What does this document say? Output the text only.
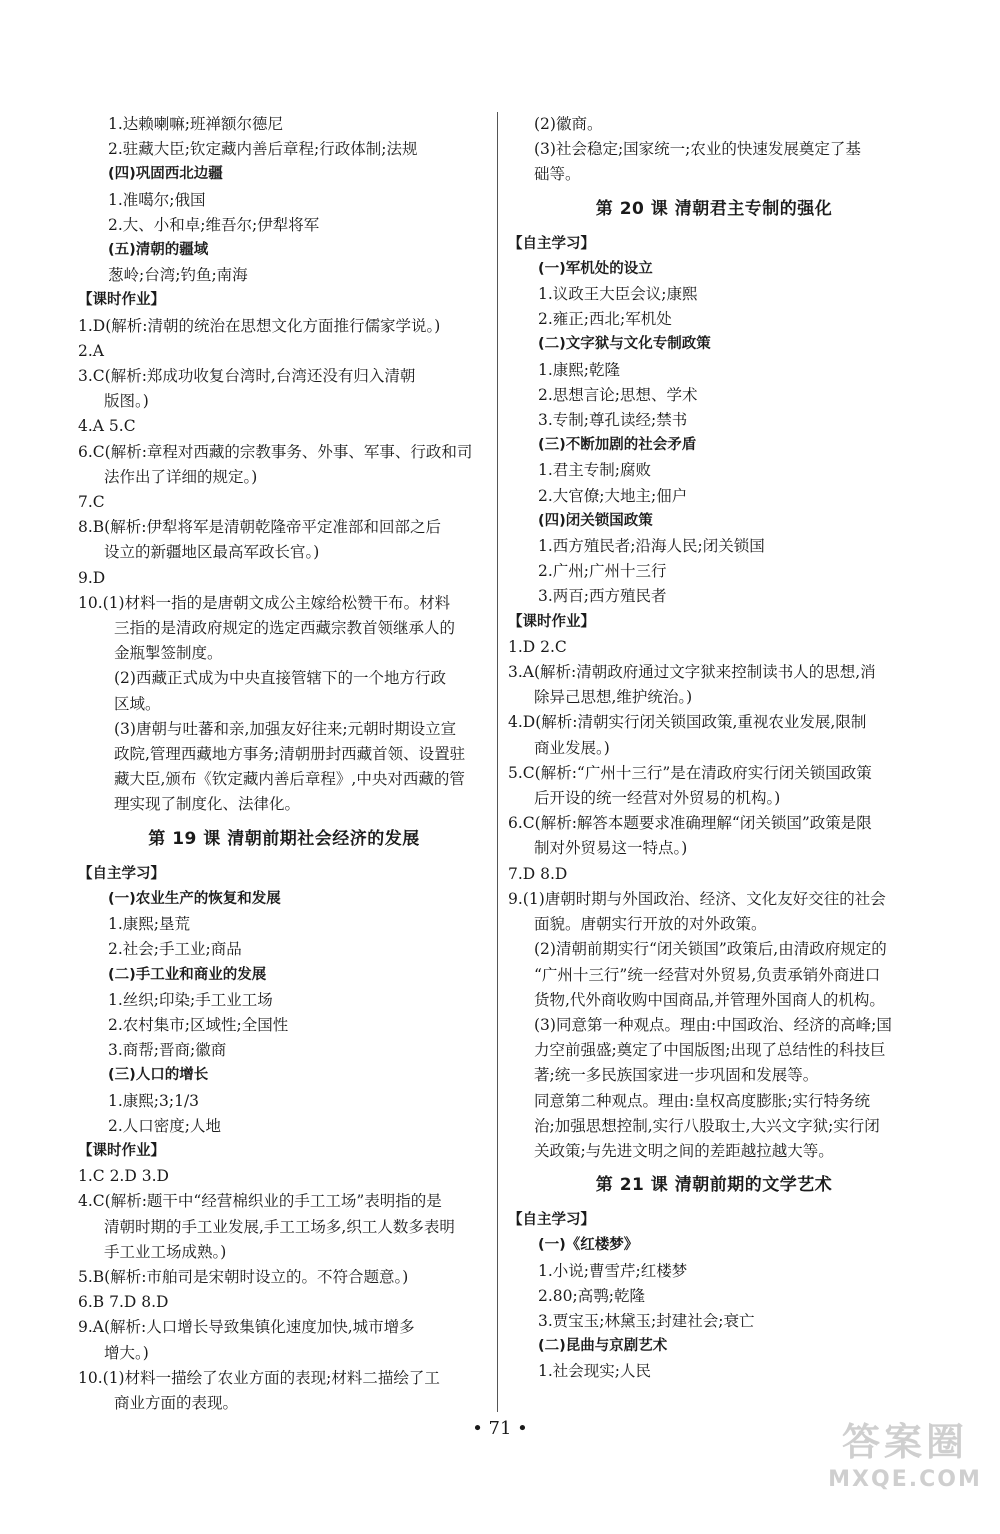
1.达赖喇嘛;班禅额尔德尼
2.驻藏大臣;钦定藏内善后章程;行政体制;法规
(四)巩固西北边疆
1.准噶尔;俄国
2.大、小和卓;维吾尔;伊犁将军
(五)清朝的疆域
葱岭;台湾;钓鱼;南海
【课时作业】
1.D(解析:清朝的统治在思想文化方面推行儒家学说。)
2.A
3.C(解析:郑成功收复台湾时,台湾还没有归入清朝
版图。)
4.A 5.C
6.C(解析:章程对西藏的宗教事务、外事、军事、行政和司
法作出了详细的规定。)
7.C
8.B(解析:伊犁将军是清朝乾隆帝平定准部和回部之后
设立的新疆地区最高军政长官。)
9.D
10.(1)材料一指的是唐朝文成公主嫁给松赞干布。材料
三指的是清政府规定的选定西藏宗教首领继承人的
金瓶掣签制度。
(2)西藏正式成为中央直接管辖下的一个地方行政
区域。
(3)唐朝与吐蕃和亲,加强友好往来;元朝时期设立宣
政院,管理西藏地方事务;清朝册封西藏首领、设置驻
藏大臣,颁布《钦定藏内善后章程》,中央对西藏的管
理实现了制度化、法律化。
第 19 课 清朝前期社会经济的发展
【自主学习】
(一)农业生产的恢复和发展
1.康熙;垦荒
2.社会;手工业;商品
(二)手工业和商业的发展
1.丝织;印染;手工业工场
2.农村集市;区域性;全国性
3.商帮;晋商;徽商
(三)人口的增长
1.康熙;3;1/3
2.人口密度;人地
【课时作业】
1.C 2.D 3.D
4.C(解析:题干中“经营棉织业的手工工场”表明指的是
清朝时期的手工业发展,手工工场多,织工人数多表明
手工业工场成熟。)
5.B(解析:市舶司是宋朝时设立的。不符合题意。)
6.B 7.D 8.D
9.A(解析:人口增长导致集镇化速度加快,城市增多
增大。)
10.(1)材料一描绘了农业方面的表现;材料二描绘了工
商业方面的表现。
(2)徽商。
(3)社会稳定;国家统一;农业的快速发展奠定了基
础等。
第 20 课 清朝君主专制的强化
【自主学习】
(一)军机处的设立
1.议政王大臣会议;康熙
2.雍正;西北;军机处
(二)文字狱与文化专制政策
1.康熙;乾隆
2.思想言论;思想、学术
3.专制;尊孔读经;禁书
(三)不断加剧的社会矛盾
1.君主专制;腐败
2.大官僚;大地主;佃户
(四)闭关锁国政策
1.西方殖民者;沿海人民;闭关锁国
2.广州;广州十三行
3.两百;西方殖民者
【课时作业】
1.D 2.C
3.A(解析:清朝政府通过文字狱来控制读书人的思想,消
除异己思想,维护统治。)
4.D(解析:清朝实行闭关锁国政策,重视农业发展,限制
商业发展。)
5.C(解析:“广州十三行”是在清政府实行闭关锁国政策
后开设的统一经营对外贸易的机构。)
6.C(解析:解答本题要求准确理解“闭关锁国”政策是限
制对外贸易这一特点。)
7.D 8.D
9.(1)唐朝时期与外国政治、经济、文化友好交往的社会
面貌。唐朝实行开放的对外政策。
(2)清朝前期实行“闭关锁国”政策后,由清政府规定的
“广州十三行”统一经营对外贸易,负责承销外商进口
货物,代外商收购中国商品,并管理外国商人的机构。
(3)同意第一种观点。理由:中国政治、经济的高峰;国
力空前强盛;奠定了中国版图;出现了总结性的科技巨
著;统一多民族国家进一步巩固和发展等。
同意第二种观点。理由:皇权高度膨胀;实行特务统
治;加强思想控制,实行八股取士,大兴文字狱;实行闭
关政策;与先进文明之间的差距越拉越大等。
第 21 课 清朝前期的文学艺术
【自主学习】
(一)《红楼梦》
1.小说;曹雪芹;红楼梦
2.80;高鹗;乾隆
3.贾宝玉;林黛玉;封建社会;衰亡
(二)昆曲与京剧艺术
1.社会现实;人民
• 71 •	答案圈
MXQE.COM
